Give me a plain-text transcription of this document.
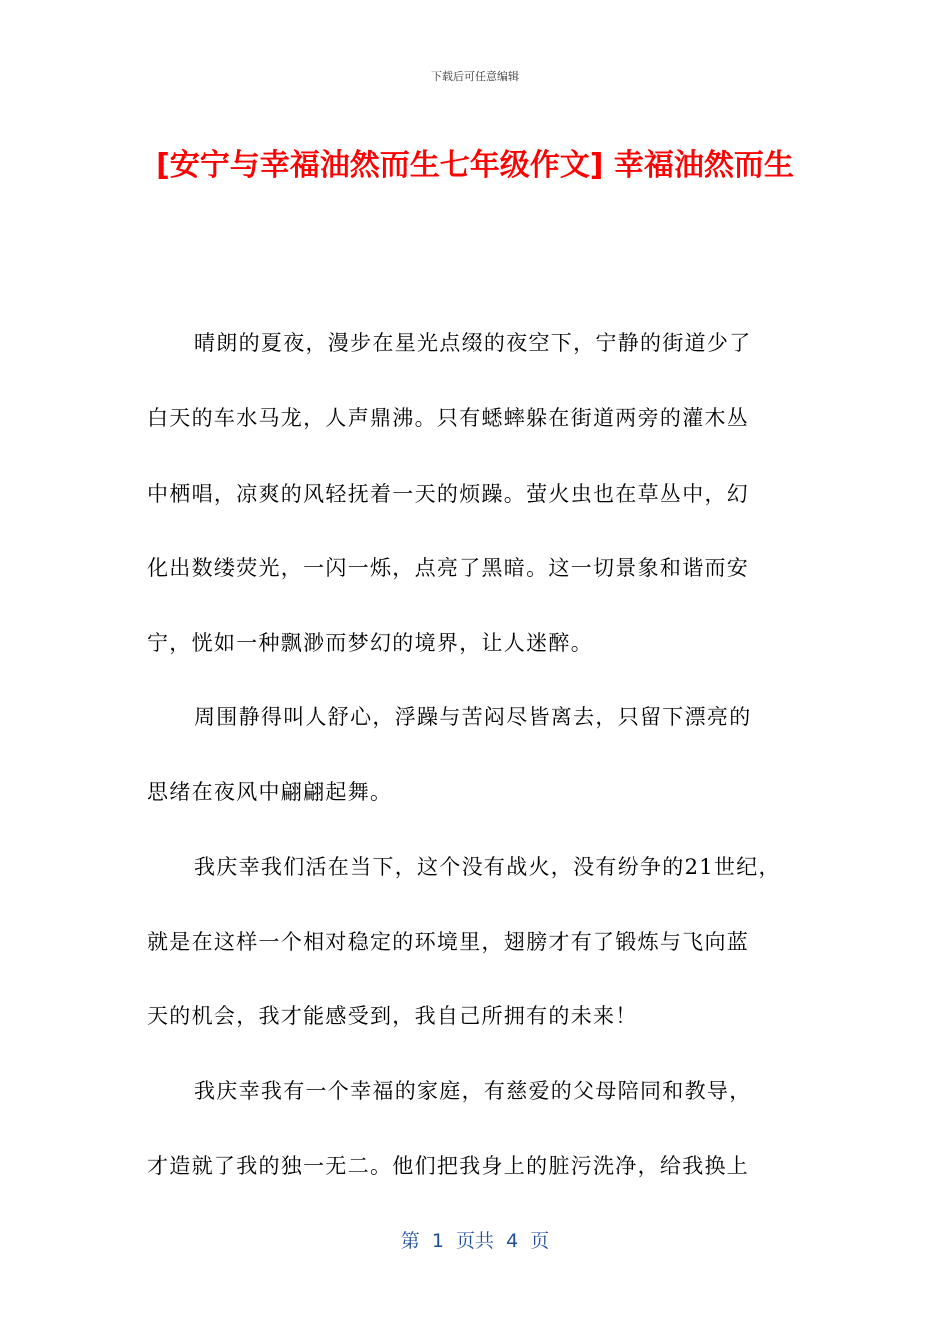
下载后可任意编辑
[安宁与幸福油然而生七年级作文] 幸福油然而生
晴朗的夏夜，漫步在星光点缀的夜空下，宁静的街道少了
白天的车水马龙，人声鼎沸。只有蟋蟀躲在街道两旁的灌木丛
中栖唱，凉爽的风轻抚着一天的烦躁。萤火虫也在草丛中，幻
化出数缕荧光，一闪一烁，点亮了黑暗。这一切景象和谐而安
宁，恍如一种飘渺而梦幻的境界，让人迷醉。
周围静得叫人舒心，浮躁与苦闷尽皆离去，只留下漂亮的
思绪在夜风中翩翩起舞。
我庆幸我们活在当下，这个没有战火，没有纷争的21世纪，
就是在这样一个相对稳定的环境里，翅膀才有了锻炼与飞向蓝
天的机会，我才能感受到，我自己所拥有的未来！
我庆幸我有一个幸福的家庭，有慈爱的父母陪同和教导，
才造就了我的独一无二。他们把我身上的脏污洗净，给我换上
第  1  页共  4  页
